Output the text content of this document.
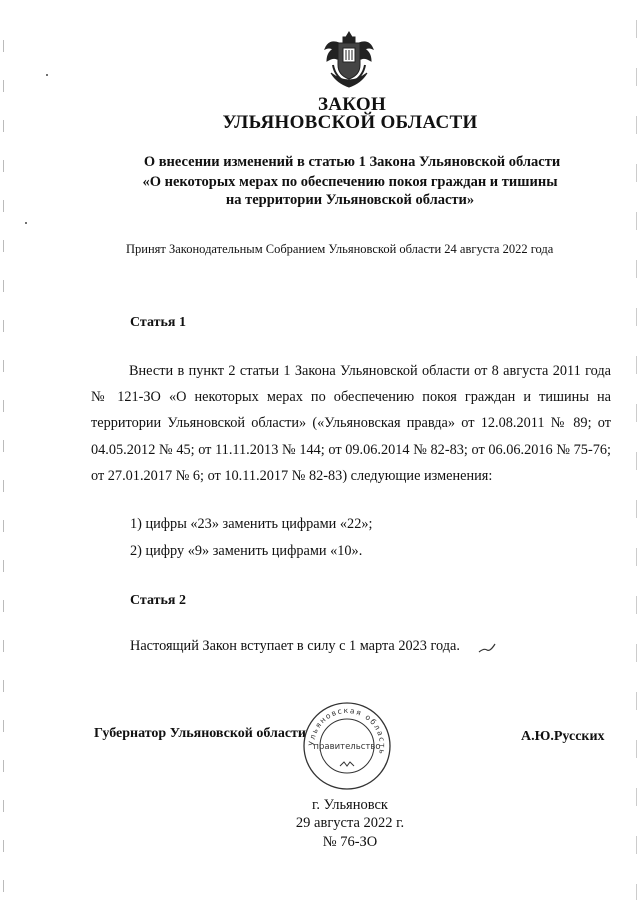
ЗАКОН
УЛЬЯНОВСКОЙ ОБЛАСТИ
О внесении изменений в статью 1 Закона Ульяновской области
«О некоторых мерах по обеспечению покоя граждан и тишины
на территории Ульяновской области»
Принят Законодательным Собранием Ульяновской области 24 августа 2022 года
Статья 1
Внести в пункт 2 статьи 1 Закона Ульяновской области от 8 августа 2011 года № 121-ЗО «О некоторых мерах по обеспечению покоя граждан и тишины на территории Ульяновской области» («Ульяновская правда» от 12.08.2011 № 89; от 04.05.2012 № 45; от 11.11.2013 № 144; от 09.06.2014 № 82-83; от 06.06.2016 № 75-76; от 27.01.2017 № 6; от 10.11.2017 № 82-83) следующие изменения:
1) цифры «23» заменить цифрами «22»;
2) цифру «9» заменить цифрами «10».
Статья 2
Настоящий Закон вступает в силу с 1 марта 2023 года.
Губернатор Ульяновской области
Ульяновская область
правительство
А.Ю.Русских
г. Ульяновск
29 августа 2022 г.
№ 76-ЗО
